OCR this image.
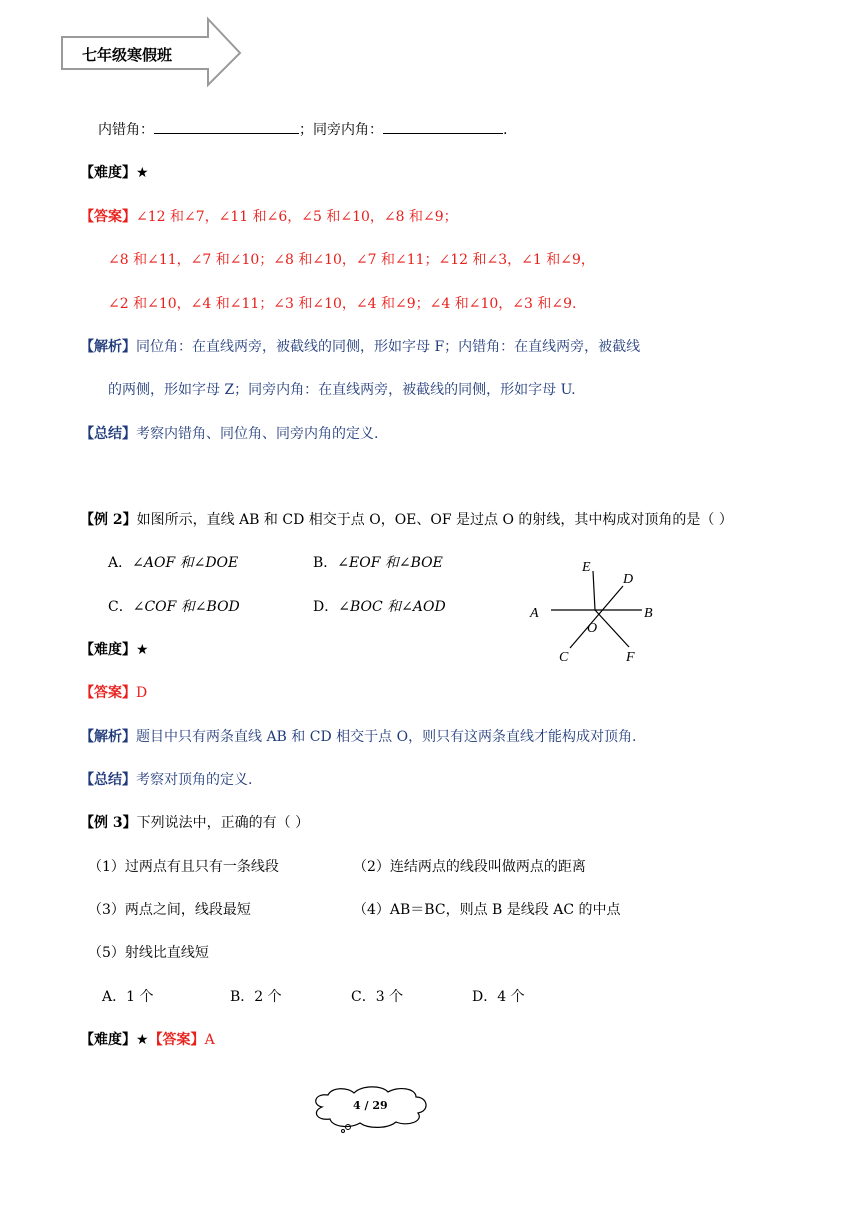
七年级寒假班
内错角：	；同旁内角：	.
【难度】★
【答案】∠12 和∠7，∠11 和∠6，∠5 和∠10，∠8 和∠9；
∠8 和∠11，∠7 和∠10；∠8 和∠10，∠7 和∠11；∠12 和∠3，∠1 和∠9，
∠2 和∠10，∠4 和∠11；∠3 和∠10，∠4 和∠9；∠4 和∠10，∠3 和∠9.
【解析】同位角：在直线两旁，被截线的同侧，形如字母 F；内错角：在直线两旁，被截线
的两侧，形如字母 Z；同旁内角：在直线两旁，被截线的同侧，形如字母 U.
【总结】考察内错角、同位角、同旁内角的定义.
【例 2】如图所示，直线 AB 和 CD 相交于点 O，OE、OF 是过点 O 的射线，其中构成对顶角的是（ ）
A．∠AOF 和∠DOE	B．∠EOF 和∠BOE
C．∠COF 和∠BOD	D．∠BOC 和∠AOD
E
D
A	B
O
C	F
【难度】★
【答案】D
【解析】题目中只有两条直线 AB 和 CD 相交于点 O，则只有这两条直线才能构成对顶角.
【总结】考察对顶角的定义.
【例 3】下列说法中，正确的有（ ）
（1）过两点有且只有一条线段	（2）连结两点的线段叫做两点的距离
（3）两点之间，线段最短	（4）AB＝BC，则点 B 是线段 AC 的中点
（5）射线比直线短
A．1 个	B．2 个	C．3 个	D．4 个
【难度】★【答案】A
4 / 29
